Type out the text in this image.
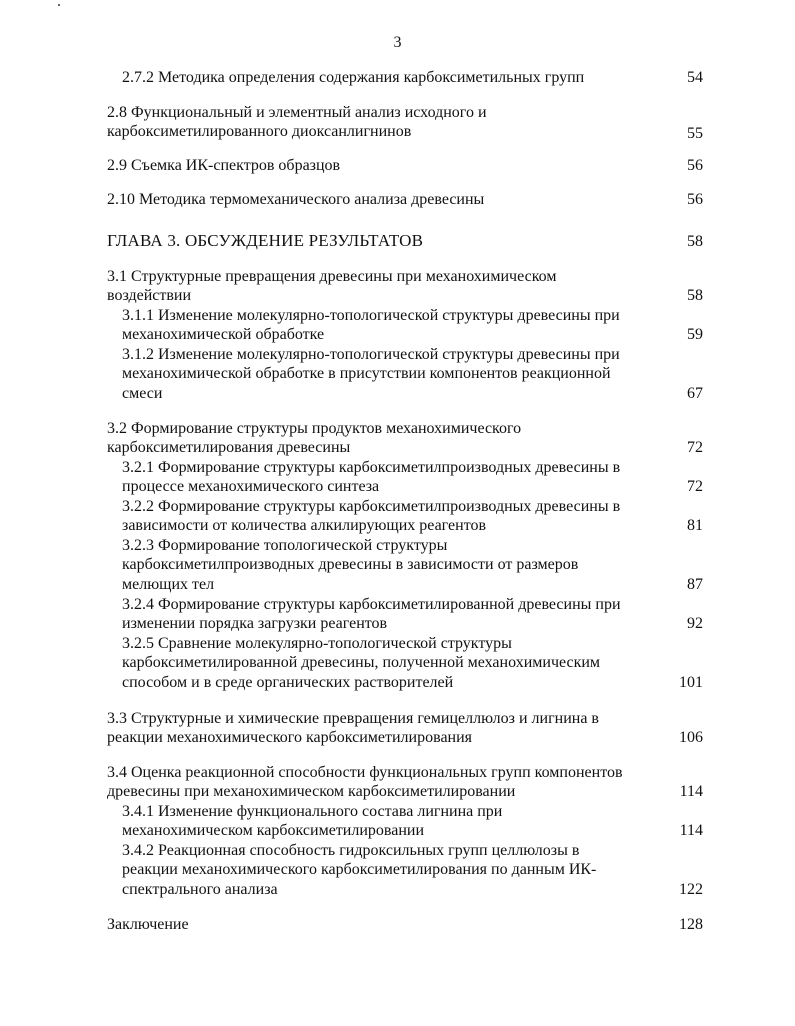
3
2.7.2 Методика определения содержания карбоксиметильных групп	54
2.8 Функциональный и элементный анализ исходного и
карбоксиметилированного диоксанлигнинов	55
2.9 Съемка ИК-спектров образцов	56
2.10 Методика термомеханического анализа древесины	56
ГЛАВА 3. ОБСУЖДЕНИЕ РЕЗУЛЬТАТОВ	58
3.1 Структурные превращения древесины при механохимическом
воздействии	58
3.1.1 Изменение молекулярно-топологической структуры древесины при
механохимической обработке	59
3.1.2 Изменение молекулярно-топологической структуры древесины при
механохимической обработке в присутствии компонентов реакционной
смеси	67
3.2 Формирование структуры продуктов механохимического
карбоксиметилирования древесины	72
3.2.1 Формирование структуры карбоксиметилпроизводных древесины в
процессе механохимического синтеза	72
3.2.2 Формирование структуры карбоксиметилпроизводных древесины в
зависимости от количества алкилирующих реагентов	81
3.2.3 Формирование топологической структуры
карбоксиметилпроизводных древесины в зависимости от размеров
мелющих тел	87
3.2.4 Формирование структуры карбоксиметилированной древесины при
изменении порядка загрузки реагентов	92
3.2.5 Сравнение молекулярно-топологической структуры
карбоксиметилированной древесины, полученной механохимическим
способом и в среде органических растворителей	101
3.3 Структурные и химические превращения гемицеллюлоз и лигнина в
реакции механохимического карбоксиметилирования	106
3.4 Оценка реакционной способности функциональных групп компонентов
древесины при механохимическом карбоксиметилировании	114
3.4.1 Изменение функционального состава лигнина при
механохимическом карбоксиметилировании	114
3.4.2 Реакционная способность гидроксильных групп целлюлозы в
реакции механохимического карбоксиметилирования по данным ИК-
спектрального анализа	122
Заключение	128
